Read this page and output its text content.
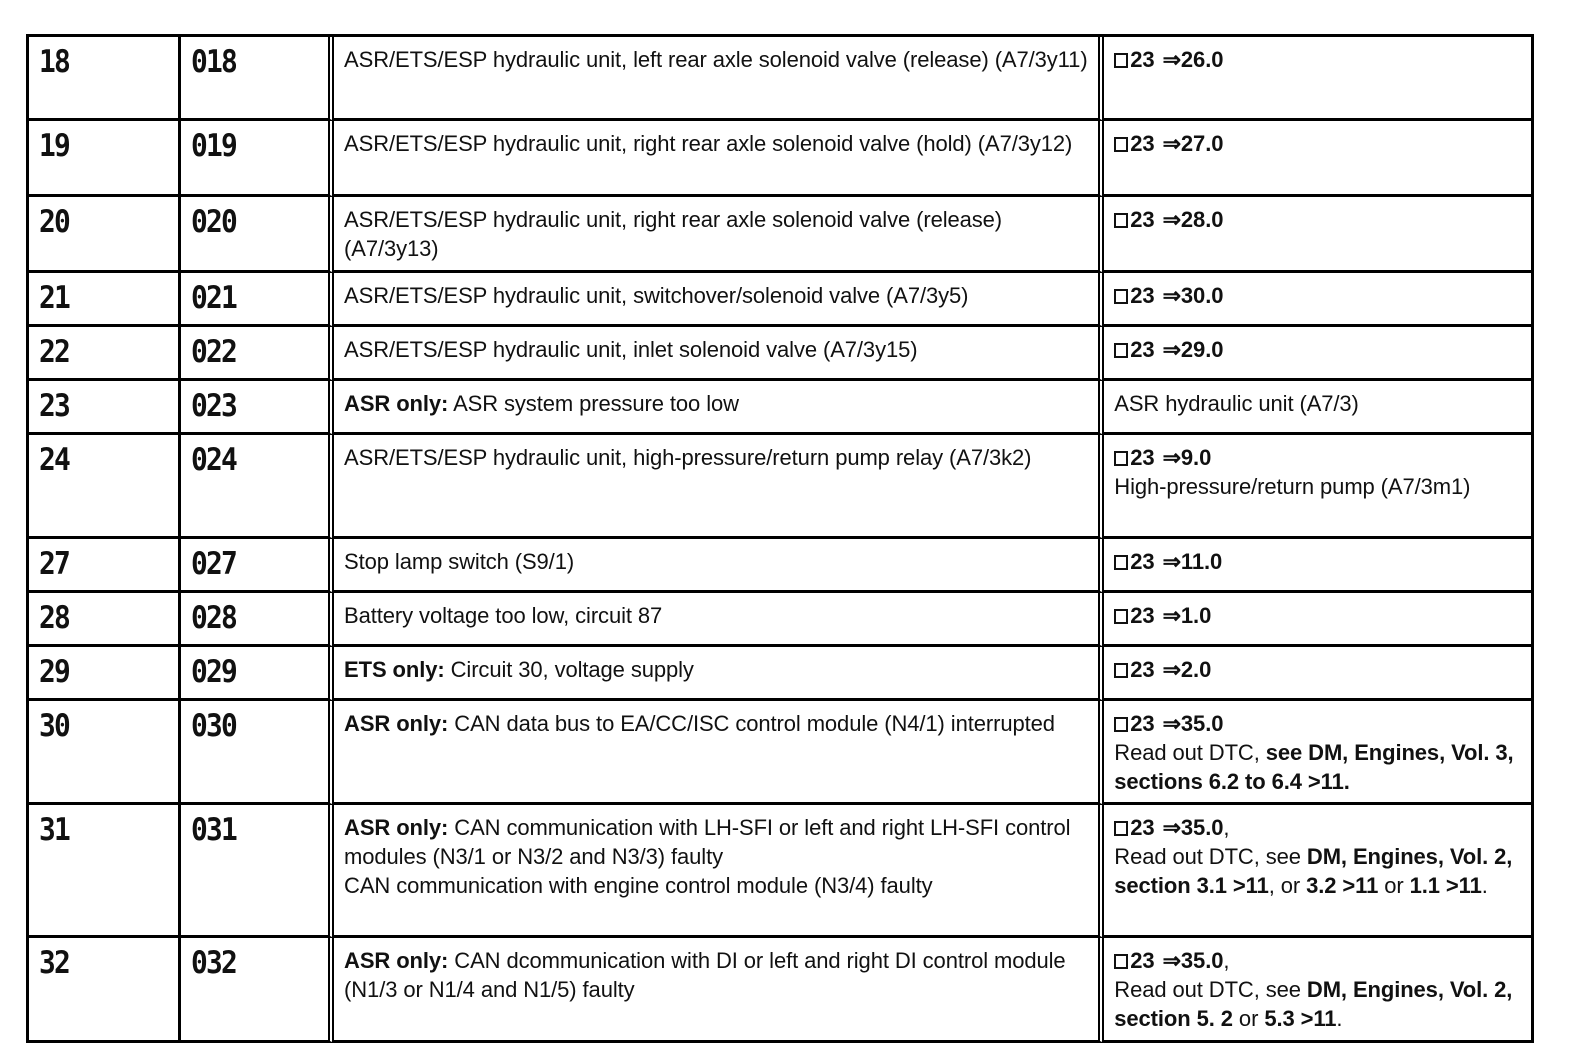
18	018	ASR/ETS/ESP hydraulic unit, left rear axle solenoid valve (release) (A7/3y11)	23 ⇒26.0
19	019	ASR/ETS/ESP hydraulic unit, right rear axle solenoid valve (hold) (A7/3y12)	23 ⇒27.0
20	020	ASR/ETS/ESP hydraulic unit, right rear axle solenoid valve (release) (A7/3y13)	23 ⇒28.0
21	021	ASR/ETS/ESP hydraulic unit, switchover/solenoid valve (A7/3y5)	23 ⇒30.0
22	022	ASR/ETS/ESP hydraulic unit, inlet solenoid valve (A7/3y15)	23 ⇒29.0
23	023	ASR only: ASR system pressure too low	ASR hydraulic unit (A7/3)

24	024	ASR/ETS/ESP hydraulic unit, high-pressure/return pump relay (A7/3k2)	23 ⇒9.0
High-pressure/return pump (A7/3m1)

27	027	Stop lamp switch (S9/1)	23 ⇒11.0
28	028	Battery voltage too low, circuit 87	23 ⇒1.0
29	029	ETS only: Circuit 30, voltage supply	23 ⇒2.0
30	030	ASR only: CAN data bus to EA/CC/ISC control module (N4/1) interrupted	23 ⇒35.0
Read out DTC, see DM, Engines, Vol. 3, sections 6.2 to 6.4 >11.

31	031	ASR only: CAN communication with LH-SFI or left and right LH-SFI control modules (N3/1 or N3/2 and N3/3) faulty
CAN communication with engine control module (N3/4) faulty	23 ⇒35.0,
Read out DTC, see DM, Engines, Vol. 2, section 3.1 >11, or 3.2 >11 or 1.1 >11.

32	032	ASR only: CAN dcommunication with DI or left and right DI control module (N1/3 or N1/4 and N1/5) faulty	23 ⇒35.0,
Read out DTC, see DM, Engines, Vol. 2, section 5. 2 or 5.3 >11.
